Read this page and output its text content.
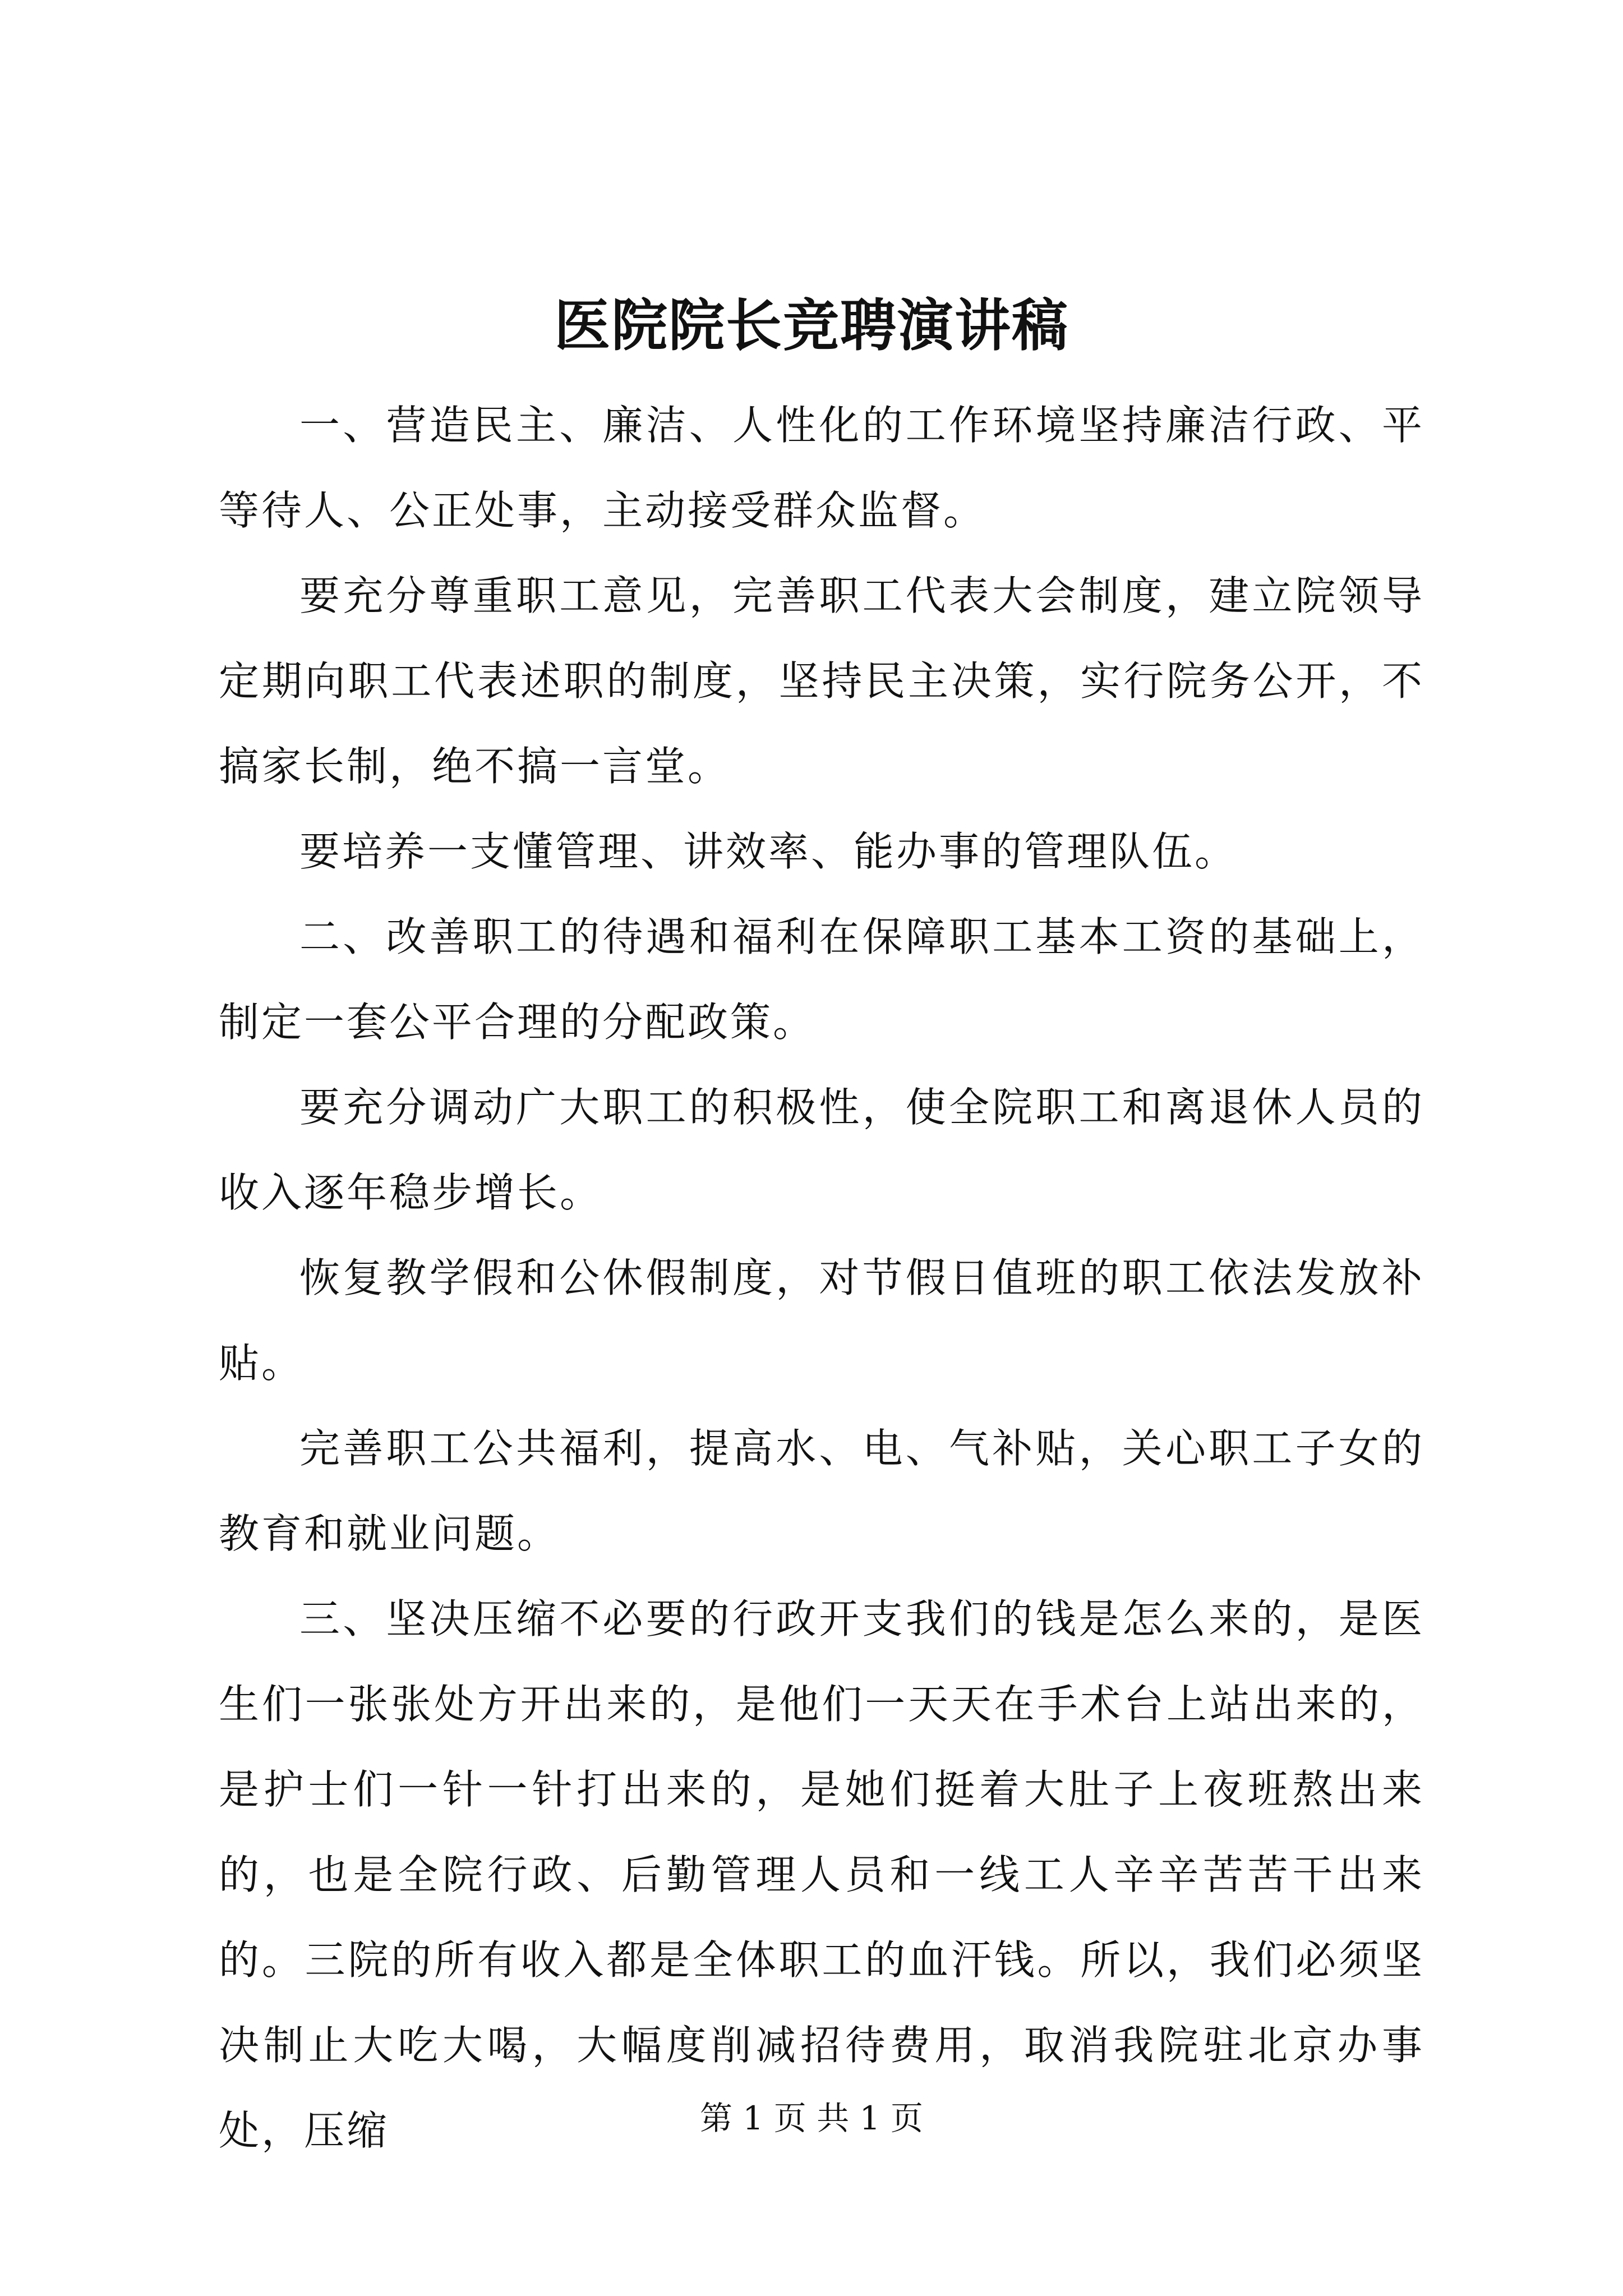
医院院长竞聘演讲稿

一、营造民主、廉洁、人性化的工作环境坚持廉洁行政、平等待人、公正处事，主动接受群众监督。

要充分尊重职工意见，完善职工代表大会制度，建立院领导定期向职工代表述职的制度，坚持民主决策，实行院务公开，不搞家长制，绝不搞一言堂。

要培养一支懂管理、讲效率、能办事的管理队伍。

二、改善职工的待遇和福利在保障职工基本工资的基础上，制定一套公平合理的分配政策。

要充分调动广大职工的积极性，使全院职工和离退休人员的收入逐年稳步增长。

恢复教学假和公休假制度，对节假日值班的职工依法发放补贴。

完善职工公共福利，提高水、电、气补贴，关心职工子女的教育和就业问题。

三、坚决压缩不必要的行政开支我们的钱是怎么来的，是医生们一张张处方开出来的，是他们一天天在手术台上站出来的，是护士们一针一针打出来的，是她们挺着大肚子上夜班熬出来的，也是全院行政、后勤管理人员和一线工人辛辛苦苦干出来的。三院的所有收入都是全体职工的血汗钱。所以，我们必须坚决制止大吃大喝，大幅度削减招待费用，取消我院驻北京办事处，压缩	第 1 页 共 1 页
